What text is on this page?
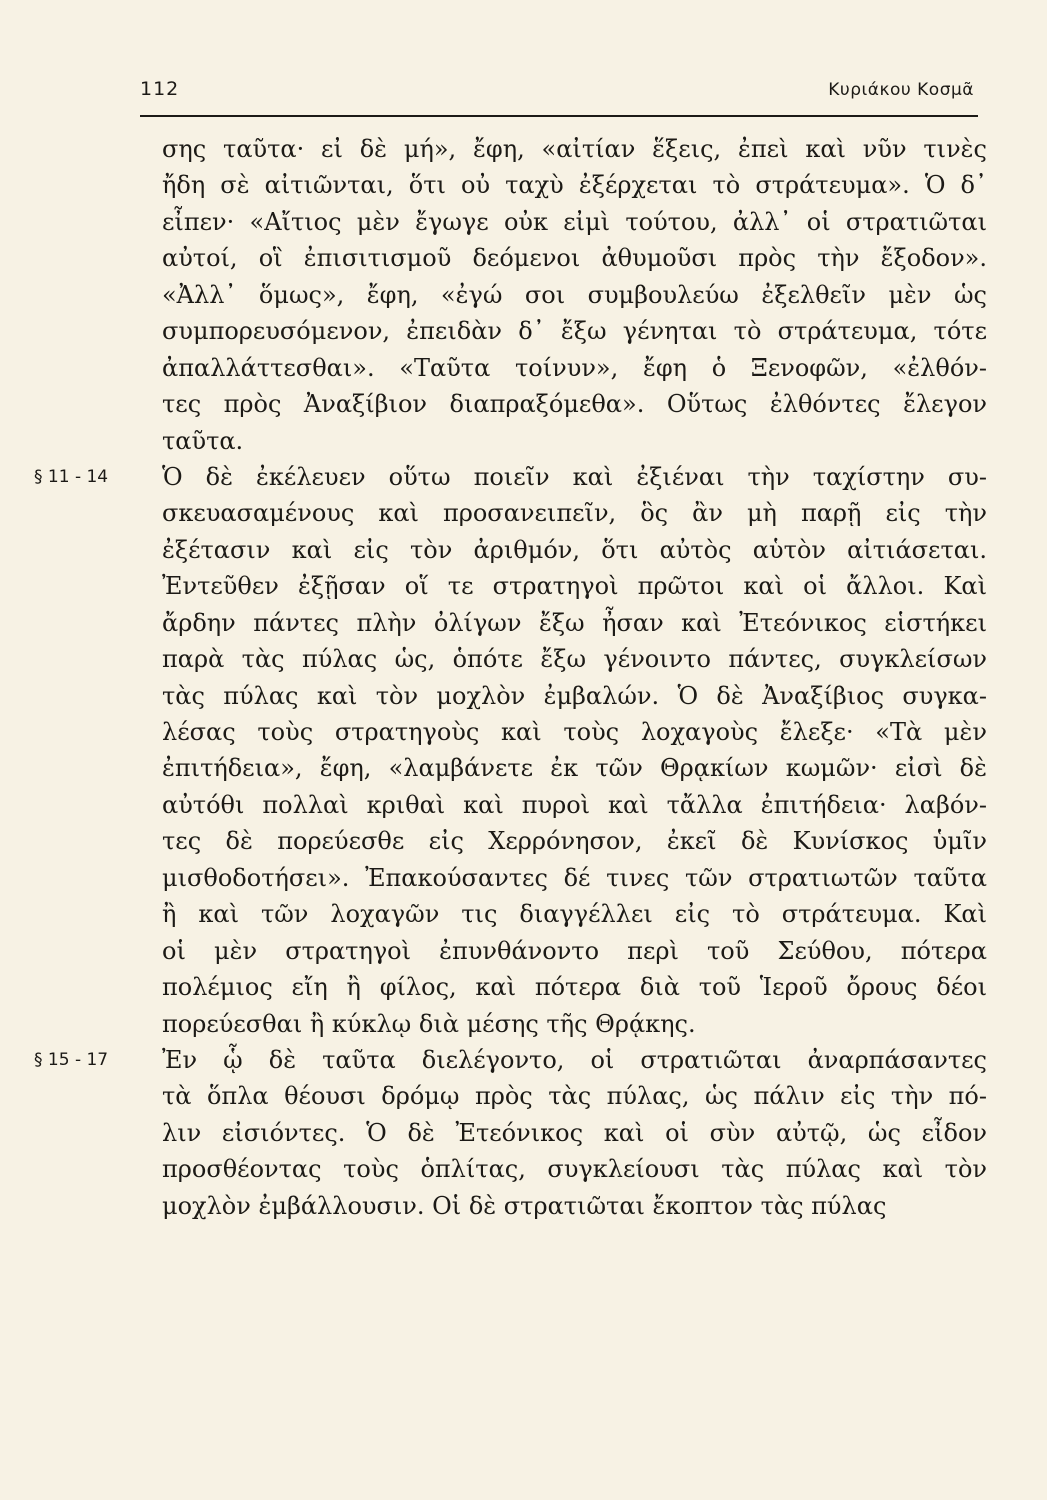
112	Κυριάκου Κοσμᾶ
σης ταῦτα· εἰ δὲ μή», ἔφη, «αἰτίαν ἕξεις, ἐπεὶ καὶ νῦν τινὲς
ἤδη σὲ αἰτιῶνται, ὅτι οὐ ταχὺ ἐξέρχεται τὸ στράτευμα». Ὁ δ᾽
εἶπεν· «Αἴτιος μὲν ἔγωγε οὐκ εἰμὶ τούτου, ἀλλ᾽ οἱ στρατιῶται
αὐτοί, οἳ ἐπισιτισμοῦ δεόμενοι ἀθυμοῦσι πρὸς τὴν ἔξοδον».
«Ἀλλ᾽ ὅμως», ἔφη, «ἐγώ σοι συμβουλεύω ἐξελθεῖν μὲν ὡς
συμπορευσόμενον, ἐπειδὰν δ᾽ ἔξω γένηται τὸ στράτευμα, τότε
ἀπαλλάττεσθαι». «Ταῦτα τοίνυν», ἔφη ὁ Ξενοφῶν, «ἐλθόν-
τες πρὸς Ἀναξίβιον διαπραξόμεθα». Οὕτως ἐλθόντες ἔλεγον
ταῦτα.
§ 11 - 14 Ὁ δὲ ἐκέλευεν οὕτω ποιεῖν καὶ ἐξιέναι τὴν ταχίστην συ-
σκευασαμένους καὶ προσανειπεῖν, ὃς ἂν μὴ παρῇ εἰς τὴν
ἐξέτασιν καὶ εἰς τὸν ἀριθμόν, ὅτι αὐτὸς αὑτὸν αἰτιάσεται.
Ἐντεῦθεν ἐξῇσαν οἵ τε στρατηγοὶ πρῶτοι καὶ οἱ ἄλλοι. Καὶ
ἄρδην πάντες πλὴν ὀλίγων ἔξω ἦσαν καὶ Ἐτεόνικος εἱστήκει
παρὰ τὰς πύλας ὡς, ὁπότε ἔξω γένοιντο πάντες, συγκλείσων
τὰς πύλας καὶ τὸν μοχλὸν ἐμβαλών. Ὁ δὲ Ἀναξίβιος συγκα-
λέσας τοὺς στρατηγοὺς καὶ τοὺς λοχαγοὺς ἔλεξε· «Τὰ μὲν
ἐπιτήδεια», ἔφη, «λαμβάνετε ἐκ τῶν Θρᾳκίων κωμῶν· εἰσὶ δὲ
αὐτόθι πολλαὶ κριθαὶ καὶ πυροὶ καὶ τἄλλα ἐπιτήδεια· λαβόν-
τες δὲ πορεύεσθε εἰς Χερρόνησον, ἐκεῖ δὲ Κυνίσκος ὑμῖν
μισθοδοτήσει». Ἐπακούσαντες δέ τινες τῶν στρατιωτῶν ταῦτα
ἢ καὶ τῶν λοχαγῶν τις διαγγέλλει εἰς τὸ στράτευμα. Καὶ
οἱ μὲν στρατηγοὶ ἐπυνθάνοντο περὶ τοῦ Σεύθου, πότερα
πολέμιος εἴη ἢ φίλος, καὶ πότερα διὰ τοῦ Ἱεροῦ ὄρους δέοι
πορεύεσθαι ἢ κύκλῳ διὰ μέσης τῆς Θρᾴκης.
§ 15 - 17 Ἐν ᾧ δὲ ταῦτα διελέγοντο, οἱ στρατιῶται ἀναρπάσαντες
τὰ ὅπλα θέουσι δρόμῳ πρὸς τὰς πύλας, ὡς πάλιν εἰς τὴν πό-
λιν εἰσιόντες. Ὁ δὲ Ἐτεόνικος καὶ οἱ σὺν αὐτῷ, ὡς εἶδον
προσθέοντας τοὺς ὁπλίτας, συγκλείουσι τὰς πύλας καὶ τὸν
μοχλὸν ἐμβάλλουσιν. Οἱ δὲ στρατιῶται ἔκοπτον τὰς πύλας
